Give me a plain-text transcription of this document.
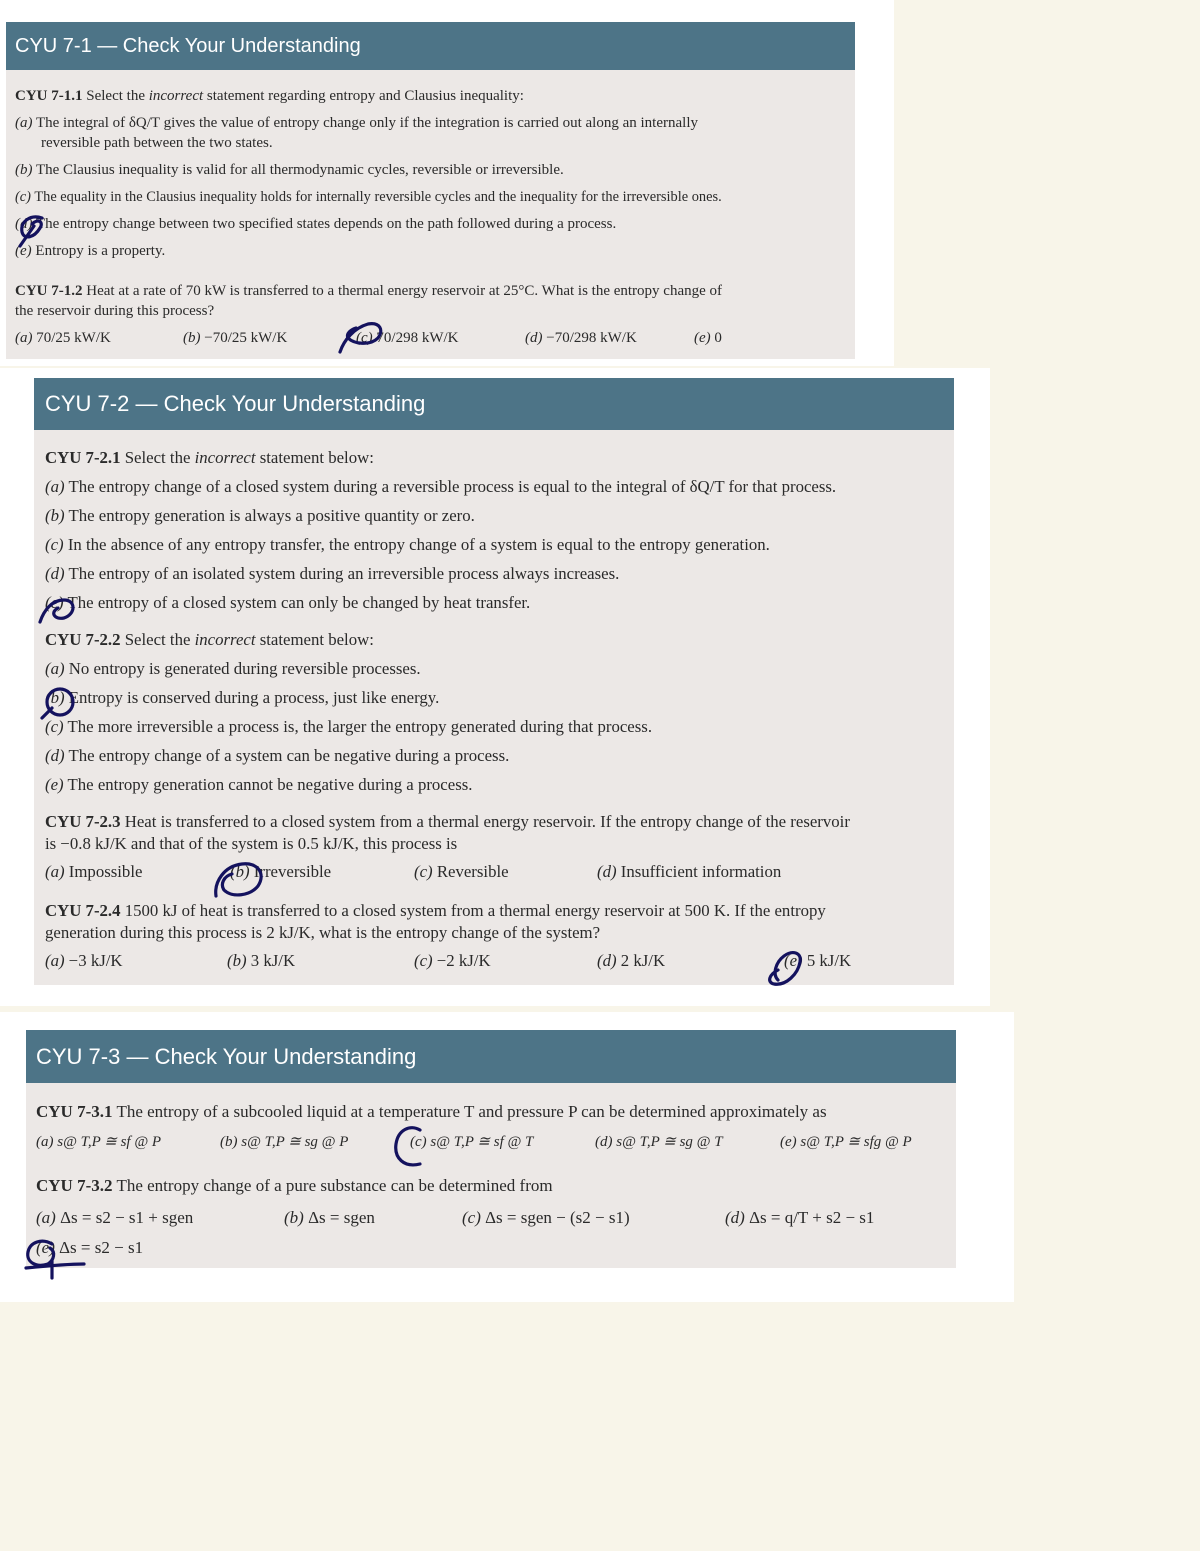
CYU 7-1 — Check Your Understanding
CYU 7-1.1 Select the incorrect statement regarding entropy and Clausius inequality:
(a) The integral of δQ/T gives the value of entropy change only if the integration is carried out along an internally
reversible path between the two states.
(b) The Clausius inequality is valid for all thermodynamic cycles, reversible or irreversible.
(c) The equality in the Clausius inequality holds for internally reversible cycles and the inequality for the irreversible ones.
(d) The entropy change between two specified states depends on the path followed during a process.
(e) Entropy is a property.
CYU 7-1.2 Heat at a rate of 70 kW is transferred to a thermal energy reservoir at 25°C. What is the entropy change of
the reservoir during this process?
(a) 70/25 kW/K	(b) −70/25 kW/K	(c) 70/298 kW/K	(d) −70/298 kW/K	(e) 0
CYU 7-2 — Check Your Understanding
CYU 7-2.1 Select the incorrect statement below:
(a) The entropy change of a closed system during a reversible process is equal to the integral of δQ/T for that process.
(b) The entropy generation is always a positive quantity or zero.
(c) In the absence of any entropy transfer, the entropy change of a system is equal to the entropy generation.
(d) The entropy of an isolated system during an irreversible process always increases.
(e) The entropy of a closed system can only be changed by heat transfer.
CYU 7-2.2 Select the incorrect statement below:
(a) No entropy is generated during reversible processes.
(b) Entropy is conserved during a process, just like energy.
(c) The more irreversible a process is, the larger the entropy generated during that process.
(d) The entropy change of a system can be negative during a process.
(e) The entropy generation cannot be negative during a process.
CYU 7-2.3 Heat is transferred to a closed system from a thermal energy reservoir. If the entropy change of the reservoir
is −0.8 kJ/K and that of the system is 0.5 kJ/K, this process is
(a) Impossible	(b) Irreversible	(c) Reversible	(d) Insufficient information
CYU 7-2.4 1500 kJ of heat is transferred to a closed system from a thermal energy reservoir at 500 K. If the entropy
generation during this process is 2 kJ/K, what is the entropy change of the system?
(a) −3 kJ/K	(b) 3 kJ/K	(c) −2 kJ/K	(d) 2 kJ/K	(e) 5 kJ/K
CYU 7-3 — Check Your Understanding
CYU 7-3.1 The entropy of a subcooled liquid at a temperature T and pressure P can be determined approximately as
(a) s@ T,P ≅ sf @ P	(b) s@ T,P ≅ sg @ P	(c) s@ T,P ≅ sf @ T	(d) s@ T,P ≅ sg @ T	(e) s@ T,P ≅ sfg @ P
CYU 7-3.2 The entropy change of a pure substance can be determined from
(a) Δs = s2 − s1 + sgen	(b) Δs = sgen	(c) Δs = sgen − (s2 − s1)	(d) Δs = q/T + s2 − s1
(e) Δs = s2 − s1
